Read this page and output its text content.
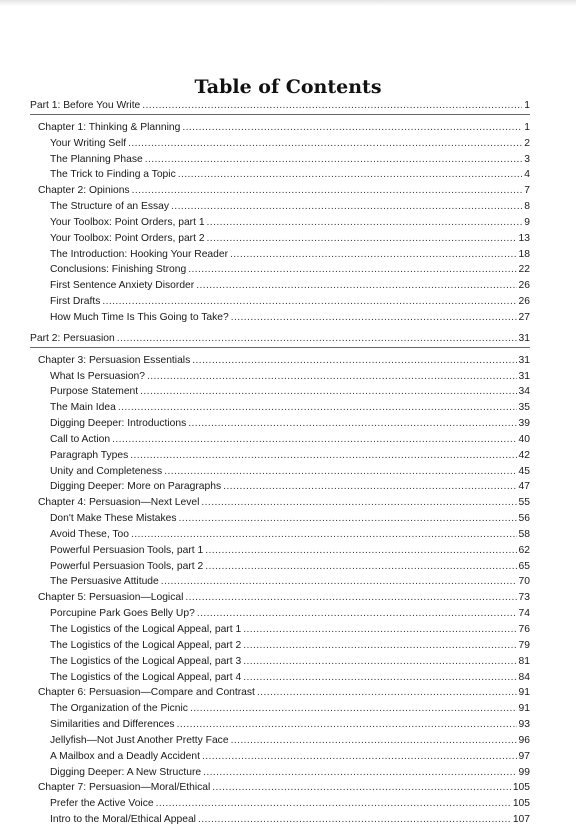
Table of Contents
Part 1: Before You Write .....	1
Chapter 1: Thinking & Planning .....	1
Your Writing Self .....	2
The Planning Phase .....	3
The Trick to Finding a Topic .....	4
Chapter 2: Opinions .....	7
The Structure of an Essay .....	8
Your Toolbox: Point Orders, part 1 .....	9
Your Toolbox: Point Orders, part 2 .....	13
The Introduction: Hooking Your Reader .....	18
Conclusions: Finishing Strong .....	22
First Sentence Anxiety Disorder .....	26
First Drafts .....	26
How Much Time Is This Going to Take? .....	27
Part 2: Persuasion .....	31
Chapter 3: Persuasion Essentials .....	31
What Is Persuasion? .....	31
Purpose Statement .....	34
The Main Idea .....	35
Digging Deeper: Introductions .....	39
Call to Action .....	40
Paragraph Types .....	42
Unity and Completeness .....	45
Digging Deeper: More on Paragraphs .....	47
Chapter 4: Persuasion—Next Level .....	55
Don't Make These Mistakes .....	56
Avoid These, Too .....	58
Powerful Persuasion Tools, part 1 .....	62
Powerful Persuasion Tools, part 2 .....	65
The Persuasive Attitude .....	70
Chapter 5: Persuasion—Logical .....	73
Porcupine Park Goes Belly Up? .....	74
The Logistics of the Logical Appeal, part 1 .....	76
The Logistics of the Logical Appeal, part 2 .....	79
The Logistics of the Logical Appeal, part 3 .....	81
The Logistics of the Logical Appeal, part 4 .....	84
Chapter 6: Persuasion—Compare and Contrast .....	91
The Organization of the Picnic .....	91
Similarities and Differences .....	93
Jellyfish—Not Just Another Pretty Face .....	96
A Mailbox and a Deadly Accident .....	97
Digging Deeper: A New Structure .....	99
Chapter 7: Persuasion—Moral/Ethical .....	105
Prefer the Active Voice .....	105
Intro to the Moral/Ethical Appeal .....	107
